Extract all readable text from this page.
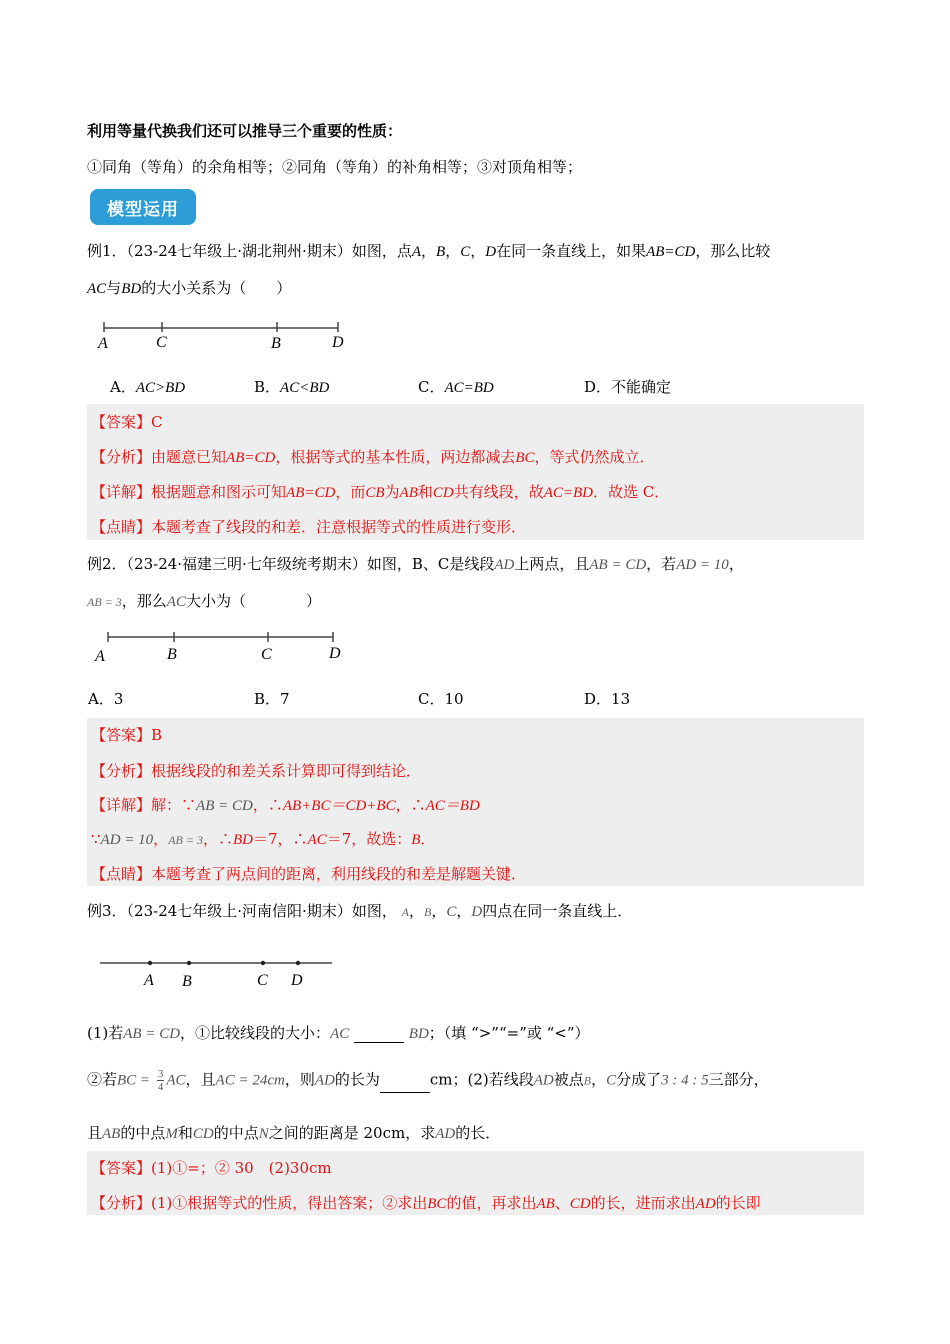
利用等量代换我们还可以推导三个重要的性质：
①同角（等角）的余角相等；②同角（等角）的补角相等；③对顶角相等；
模型运用
例1．（23-24七年级上·湖北荆州·期末）如图，点A，B，C，D在同一条直线上，如果AB=CD，那么比较
AC与BD的大小关系为（　　）
A	C	B	D
A．AC>BD	B．AC<BD	C．AC=BD	D．不能确定
【答案】C
【分析】由题意已知AB=CD，根据等式的基本性质，两边都减去BC，等式仍然成立．
【详解】根据题意和图示可知AB=CD，而CB为AB和CD共有线段，故AC=BD．故选 C．
【点睛】本题考查了线段的和差．注意根据等式的性质进行变形．
例2．（23-24·福建三明·七年级统考期末）如图，B、C是线段AD上两点，且AB = CD，若AD = 10，
AB = 3，那么AC大小为（　　　　）
A	B	C	D
A．3	B．7	C．10	D．13
【答案】B
【分析】根据线段的和差关系计算即可得到结论．
【详解】解：∵AB = CD，∴AB+BC＝CD+BC，∴AC＝BD
∵AD = 10，AB = 3，∴BD＝7，∴AC＝7，故选：B．
【点睛】本题考查了两点间的距离，利用线段的和差是解题关键．
例3．（23-24七年级上·河南信阳·期末）如图， A，B，C，D四点在同一条直线上．
A B	C D
(1)若AB = CD，①比较线段的大小：AC	BD；（填 “>”“=”或 “<”）
②若BC = $\frac{3}{4}$ AC，且AC = 24cm，则AD的长为	cm；(2)若线段AD被点B，C分成了3 : 4 : 5三部分，
且AB的中点M和CD的中点N之间的距离是 20cm，求AD的长．
【答案】(1)①=；② 30　(2)30cm
【分析】(1)①根据等式的性质，得出答案；②求出BC的值，再求出AB、CD的长，进而求出AD的长即
